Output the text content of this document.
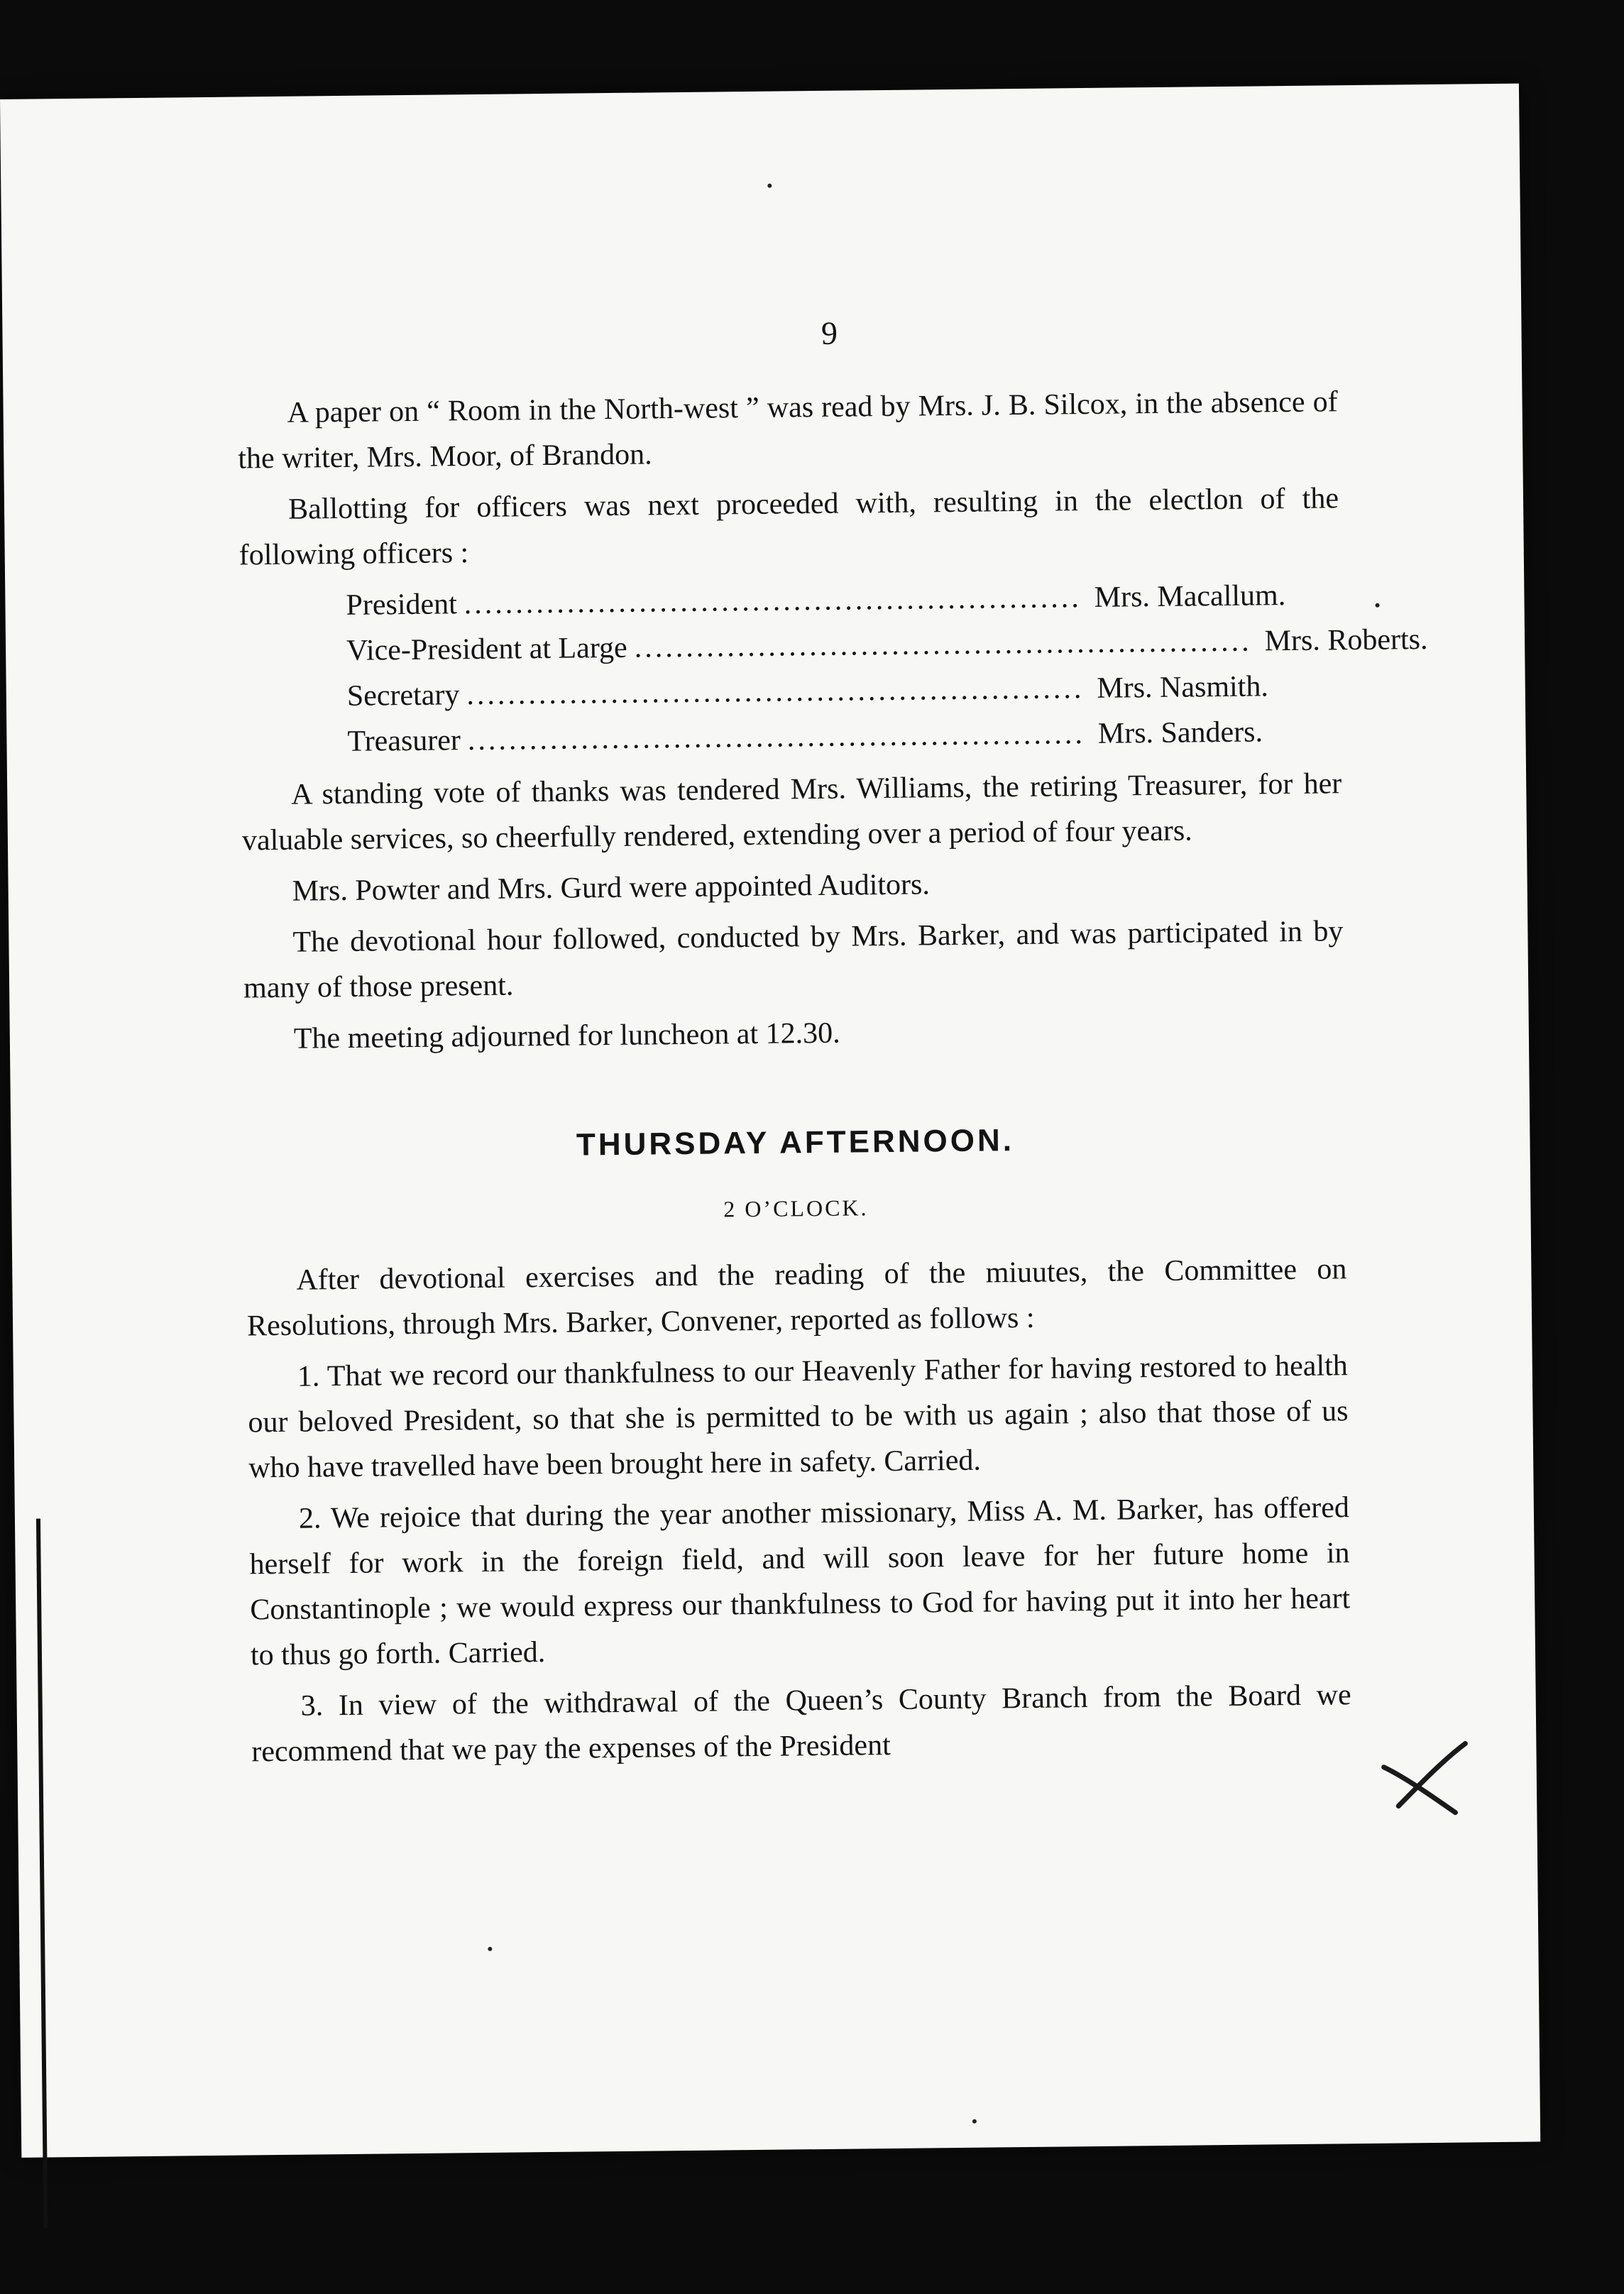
9

A paper on “ Room in the North-west ” was read by Mrs. J. B. Silcox, in the absence of the writer, Mrs. Moor, of Brandon.

Ballotting for officers was next proceeded with, resulting in the electlon of the following officers :

President ............................................................ Mrs. Macallum.
Vice-President at Large ............................................................ Mrs. Roberts.
Secretary ............................................................ Mrs. Nasmith.
Treasurer ............................................................ Mrs. Sanders.

A standing vote of thanks was tendered Mrs. Williams, the retiring Treasurer, for her valuable services, so cheerfully rendered, extending over a period of four years.

Mrs. Powter and Mrs. Gurd were appointed Auditors.

The devotional hour followed, conducted by Mrs. Barker, and was participated in by many of those present.

The meeting adjourned for luncheon at 12.30.

THURSDAY AFTERNOON.
2 O’CLOCK.

After devotional exercises and the reading of the miuutes, the Committee on Resolutions, through Mrs. Barker, Convener, reported as follows :

1. That we record our thankfulness to our Heavenly Father for having restored to health our beloved President, so that she is permitted to be with us again ; also that those of us who have travelled have been brought here in safety. Carried.

2. We rejoice that during the year another missionary, Miss A. M. Barker, has offered herself for work in the foreign field, and will soon leave for her future home in Constantinople ; we would express our thankfulness to God for having put it into her heart to thus go forth. Carried.

3. In view of the withdrawal of the Queen’s County Branch from the Board we recommend that we pay the expenses of the President
